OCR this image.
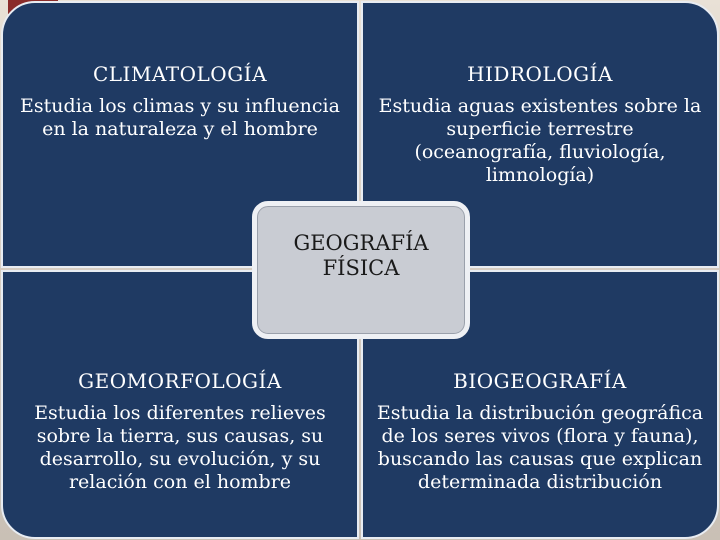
CLIMATOLOGÍA
Estudia los climas y su influencia en la naturaleza y el hombre
HIDROLOGÍA
Estudia aguas existentes sobre la superficie terrestre (oceanografía, fluviología, limnología)
GEOMORFOLOGÍA
Estudia los diferentes relieves sobre la tierra, sus causas, su desarrollo, su evolución, y su relación con el hombre
BIOGEOGRAFÍA
Estudia la distribución geográfica de los seres vivos (flora y fauna), buscando las causas que explican determinada distribución
GEOGRAFÍA
FÍSICA
